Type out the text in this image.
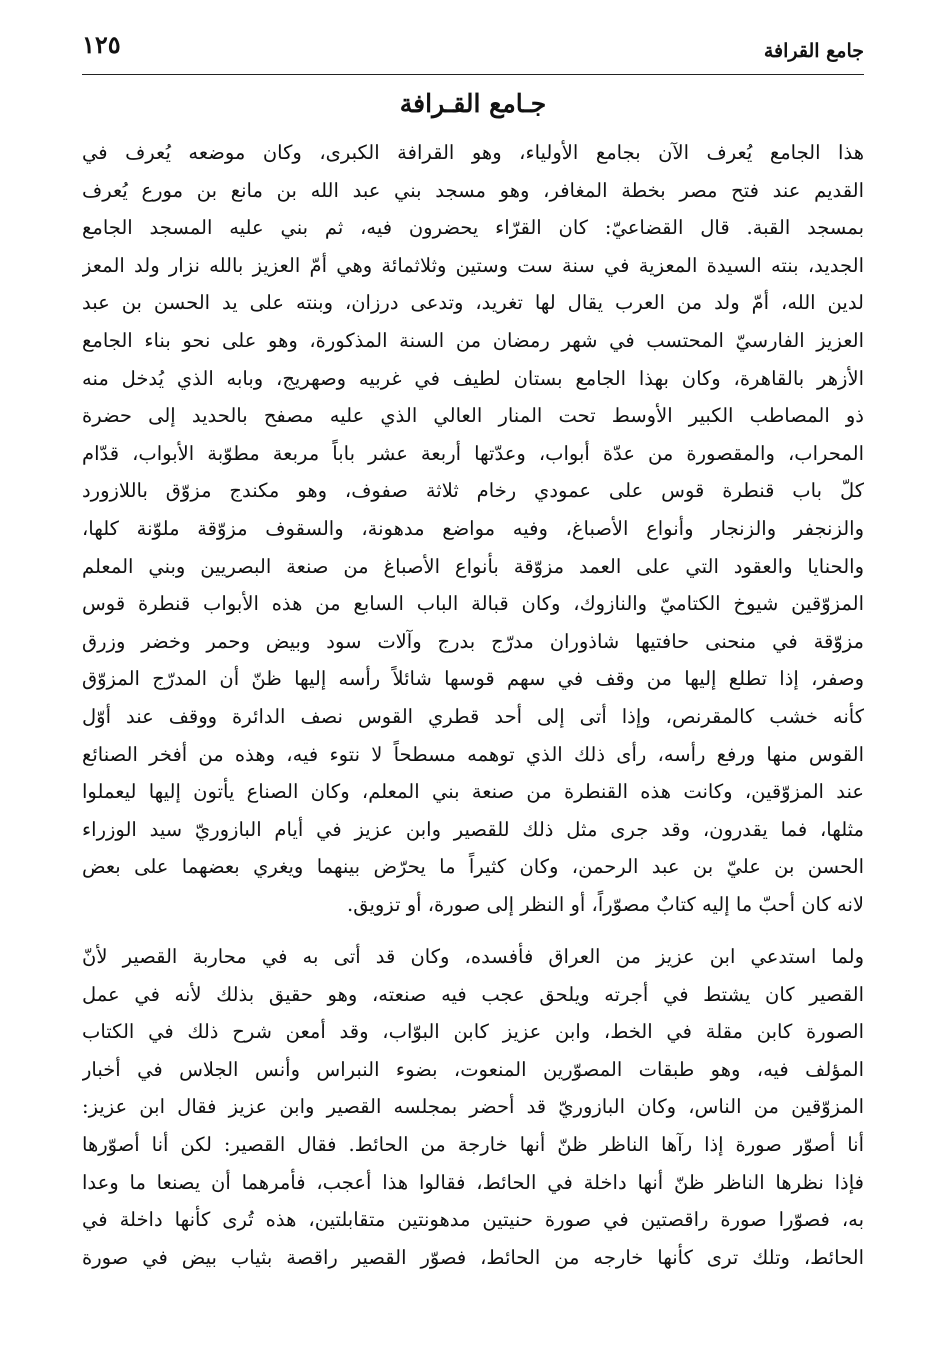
جامع القرافة
١٢٥
جـامع القـرافة
هذا الجامع يُعرف الآن بجامع الأولياء، وهو القرافة الكبرى، وكان موضعه يُعرف في
القديم عند فتح مصر بخطة المغافر، وهو مسجد بني عبد الله بن مانع بن مورع يُعرف
بمسجد القبة. قال القضاعيّ: كان القرّاء يحضرون فيه، ثم بني عليه المسجد الجامع
الجديد، بنته السيدة المعزية في سنة ست وستين وثلاثمائة وهي أمّ العزيز بالله نزار ولد المعز
لدين الله، أمّ ولد من العرب يقال لها تغريد، وتدعى درزان، وبنته على يد الحسن بن عبد
العزيز الفارسيّ المحتسب في شهر رمضان من السنة المذكورة، وهو على نحو بناء الجامع
الأزهر بالقاهرة، وكان بهذا الجامع بستان لطيف في غربيه وصهريج، وبابه الذي يُدخل منه
ذو المصاطب الكبير الأوسط تحت المنار العالي الذي عليه مصفح بالحديد إلى حضرة
المحراب، والمقصورة من عدّة أبواب، وعدّتها أربعة عشر باباً مربعة مطوّبة الأبواب، قدّام
كلّ باب قنطرة قوس على عمودي رخام ثلاثة صفوف، وهو مكندج مزوّق باللازورد
والزنجفر والزنجار وأنواع الأصباغ، وفيه مواضع مدهونة، والسقوف مزوّقة ملوّنة كلها،
والحنايا والعقود التي على العمد مزوّقة بأنواع الأصباغ من صنعة البصريين وبني المعلم
المزوّقين شيوخ الكتاميّ والنازوك، وكان قبالة الباب السابع من هذه الأبواب قنطرة قوس
مزوّقة في منحنى حافتيها شاذوران مدرّج بدرج وآلات سود وبيض وحمر وخضر وزرق
وصفر، إذا تطلع إليها من وقف في سهم قوسها شائلاً رأسه إليها ظنّ أن المدرّج المزوّق
كأنه خشب كالمقرنص، وإذا أتى إلى أحد قطري القوس نصف الدائرة ووقف عند أوّل
القوس منها ورفع رأسه، رأى ذلك الذي توهمه مسطحاً لا نتوء فيه، وهذه من أفخر الصنائع
عند المزوّقين، وكانت هذه القنطرة من صنعة بني المعلم، وكان الصناع يأتون إليها ليعملوا
مثلها، فما يقدرون، وقد جرى مثل ذلك للقصير وابن عزيز في أيام البازوريّ سيد الوزراء
الحسن بن عليّ بن عبد الرحمن، وكان كثيراً ما يحرّض بينهما ويغري بعضهما على بعض
لانه كان أحبّ ما إليه كتابٌ مصوّراً، أو النظر إلى صورة، أو تزويق.
ولما استدعي ابن عزيز من العراق فأفسده، وكان قد أتى به في محاربة القصير لأنّ
القصير كان يشتط في أجرته ويلحق عجب فيه صنعته، وهو حقيق بذلك لأنه في عمل
الصورة كابن مقلة في الخط، وابن عزيز كابن البوّاب، وقد أمعن شرح ذلك في الكتاب
المؤلف فيه، وهو طبقات المصوّرين المنعوت، بضوء النبراس وأنس الجلاس في أخبار
المزوّقين من الناس، وكان البازوريّ قد أحضر بمجلسه القصير وابن عزيز فقال ابن عزيز:
أنا أصوّر صورة إذا رآها الناظر ظنّ أنها خارجة من الحائط. فقال القصير: لكن أنا أصوّرها
فإذا نظرها الناظر ظنّ أنها داخلة في الحائط، فقالوا هذا أعجب، فأمرهما أن يصنعا ما وعدا
به، فصوّرا صورة راقصتين في صورة حنيتين مدهونتين متقابلتين، هذه تُرى كأنها داخلة في
الحائط، وتلك ترى كأنها خارجه من الحائط، فصوّر القصير راقصة بثياب بيض في صورة
